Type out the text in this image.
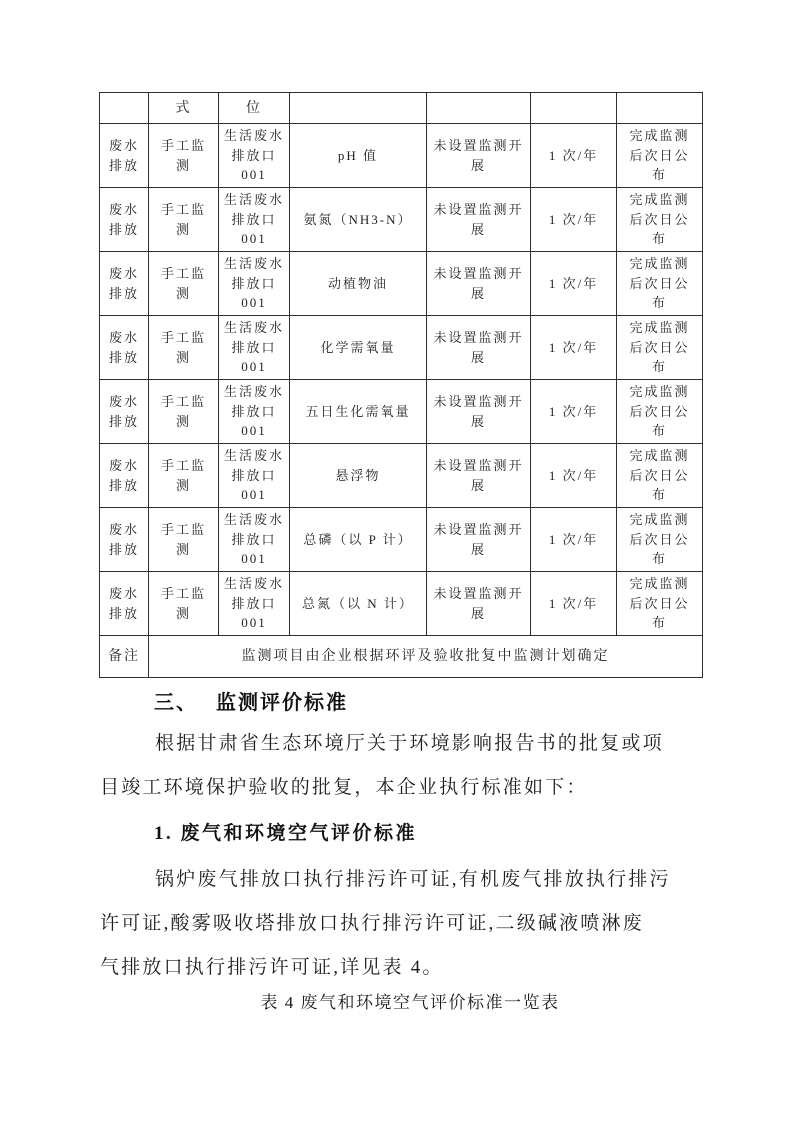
	式	位				
废水排放	手工监测	生活废水排放口001	pH 值	未设置监测开展	1 次/年	完成监测后次日公布
废水排放	手工监测	生活废水排放口001	氨氮（NH3-N）	未设置监测开展	1 次/年	完成监测后次日公布
废水排放	手工监测	生活废水排放口001	动植物油	未设置监测开展	1 次/年	完成监测后次日公布
废水排放	手工监测	生活废水排放口001	化学需氧量	未设置监测开展	1 次/年	完成监测后次日公布
废水排放	手工监测	生活废水排放口001	五日生化需氧量	未设置监测开展	1 次/年	完成监测后次日公布
废水排放	手工监测	生活废水排放口001	悬浮物	未设置监测开展	1 次/年	完成监测后次日公布
废水排放	手工监测	生活废水排放口001	总磷（以 P 计）	未设置监测开展	1 次/年	完成监测后次日公布
废水排放	手工监测	生活废水排放口001	总氮（以 N 计）	未设置监测开展	1 次/年	完成监测后次日公布
备注	监测项目由企业根据环评及验收批复中监测计划确定					
三、 监测评价标准
根据甘肃省生态环境厅关于环境影响报告书的批复或项
目竣工环境保护验收的批复，本企业执行标准如下：
1. 废气和环境空气评价标准
锅炉废气排放口执行排污许可证,有机废气排放执行排污
许可证,酸雾吸收塔排放口执行排污许可证,二级碱液喷淋废
气排放口执行排污许可证,详见表 4。
表 4 废气和环境空气评价标准一览表
